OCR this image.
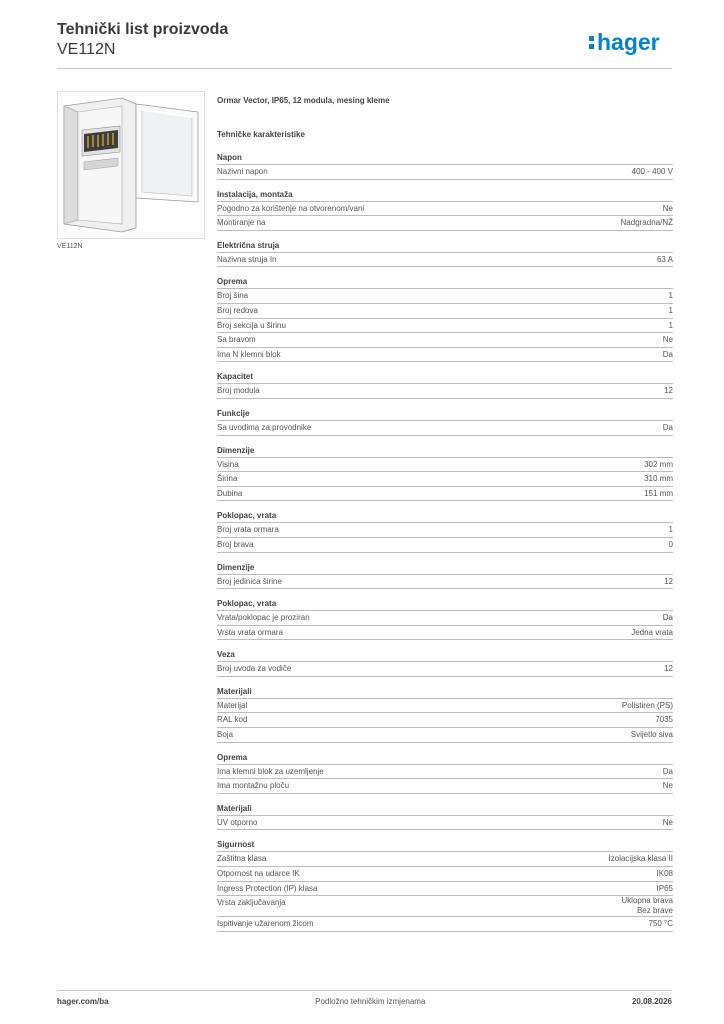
Tehnički list proizvoda
VE112N	hager
VE112N
Ormar Vector, IP65, 12 modula, mesing kleme
Tehničke karakteristike
Napon
Nazivni napon	400 - 400 V
Instalacija, montaža
Pogodno za korištenje na otvorenom/vani	Ne
Montiranje na	Nadgradna/NŽ
Električna struja
Nazivna struja In	63 A
Oprema
Broj šina	1
Broj redova	1
Broj sekcija u širinu	1
Sa bravom	Ne
Ima N klemni blok	Da
Kapacitet
Broj modula	12
Funkcije
Sa uvodima za provodnike	Da
Dimenzije
Visina	302 mm
Širina	310 mm
Dubina	151 mm
Poklopac, vrata
Broj vrata ormara	1
Broj brava	0
Dimenzije
Broj jedinica širine	12
Poklopac, vrata
Vrata/poklopac je proziran	Da
Vrsta vrata ormara	Jedna vrata
Veza
Broj uvoda za vodiče	12
Materijali
Materijal	Polistiren (PS)
RAL kod	7035
Boja	Svijetlo siva
Oprema
Ima klemni blok za uzemljenje	Da
Ima montažnu ploču	Ne
Materijali
UV otporno	Ne
Sigurnost
Zaštitna klasa	Izolacijska klasa II
Otpornost na udarce IK	IK08
Ingress Protection (IP) klasa	IP65
Vrsta zaključavanja	Uklopna brava
Bez brave
Ispitivanje užarenom žicom	750 °C
hager.com/ba	Podložno tehničkim izmjenama	20.08.2026
